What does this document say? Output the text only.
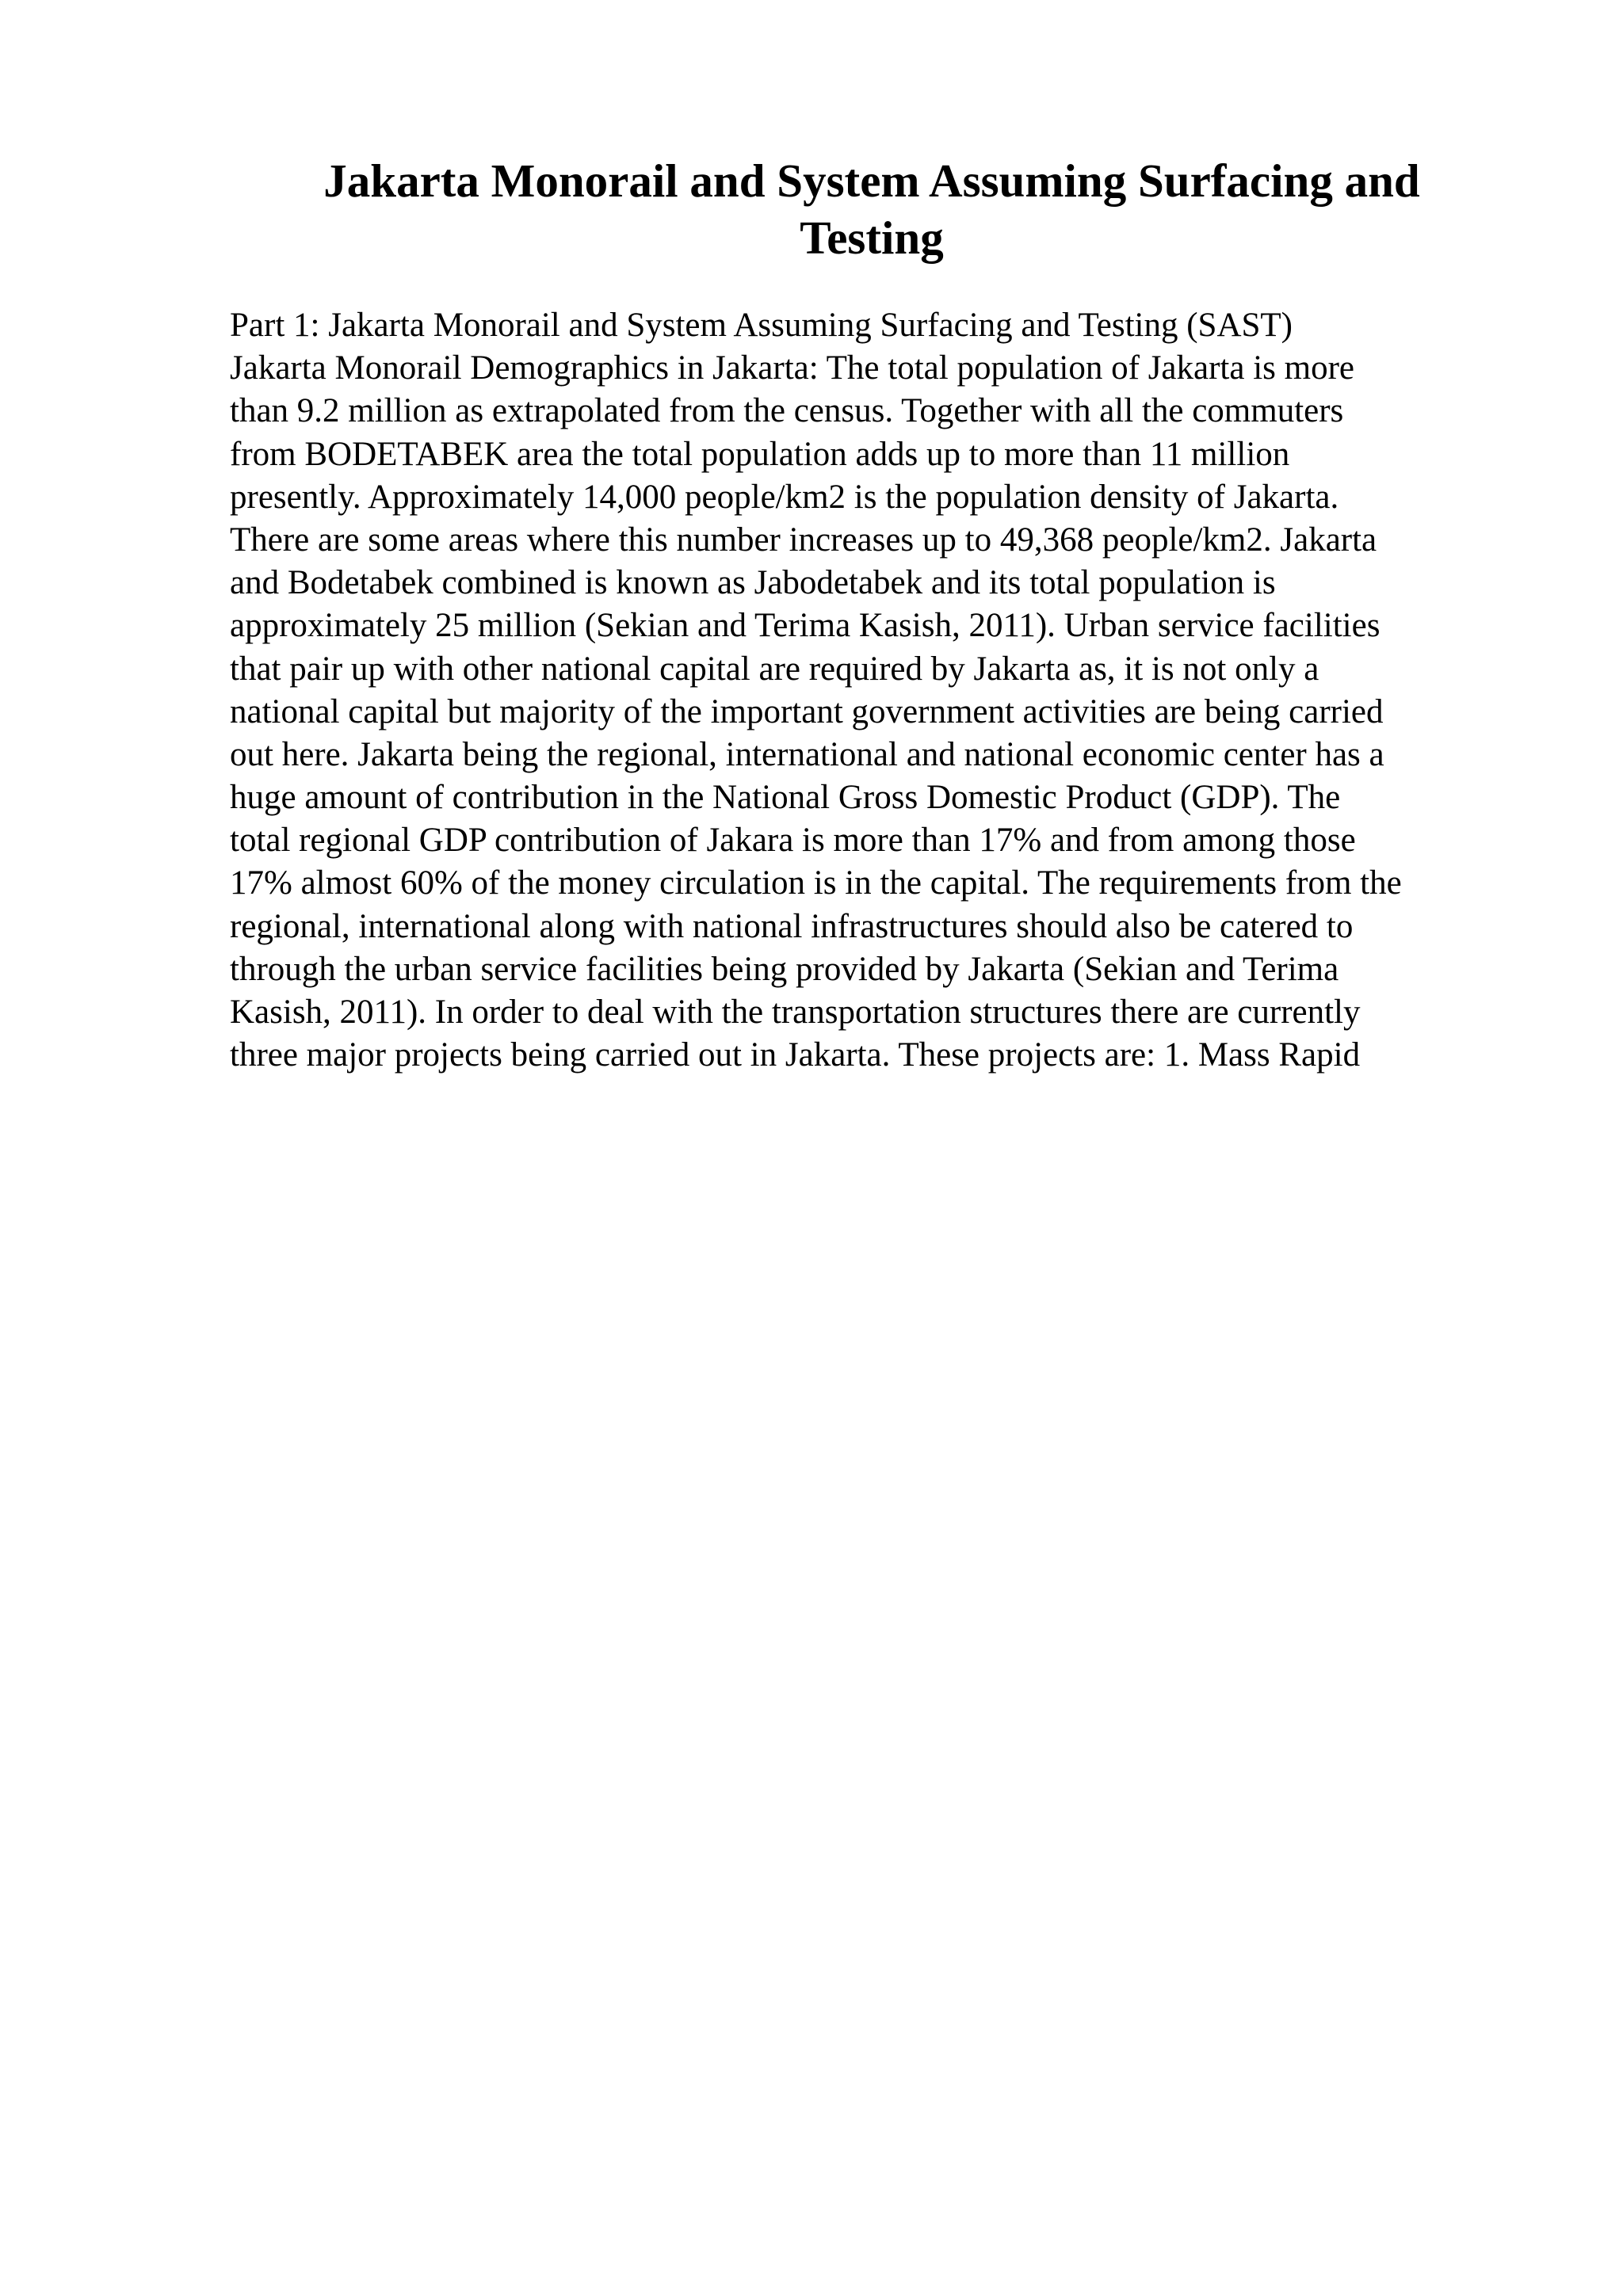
Jakarta Monorail and System Assuming Surfacing and
Testing
Part 1: Jakarta Monorail and System Assuming Surfacing and Testing (SAST)
Jakarta Monorail Demographics in Jakarta: The total population of Jakarta is more
than 9.2 million as extrapolated from the census. Together with all the commuters
from BODETABEK area the total population adds up to more than 11 million
presently. Approximately 14,000 people/km2 is the population density of Jakarta.
There are some areas where this number increases up to 49,368 people/km2. Jakarta
and Bodetabek combined is known as Jabodetabek and its total population is
approximately 25 million (Sekian and Terima Kasish, 2011). Urban service facilities
that pair up with other national capital are required by Jakarta as, it is not only a
national capital but majority of the important government activities are being carried
out here. Jakarta being the regional, international and national economic center has a
huge amount of contribution in the National Gross Domestic Product (GDP). The
total regional GDP contribution of Jakara is more than 17% and from among those
17% almost 60% of the money circulation is in the capital. The requirements from the
regional, international along with national infrastructures should also be catered to
through the urban service facilities being provided by Jakarta (Sekian and Terima
Kasish, 2011). In order to deal with the transportation structures there are currently
three major projects being carried out in Jakarta. These projects are: 1. Mass Rapid
